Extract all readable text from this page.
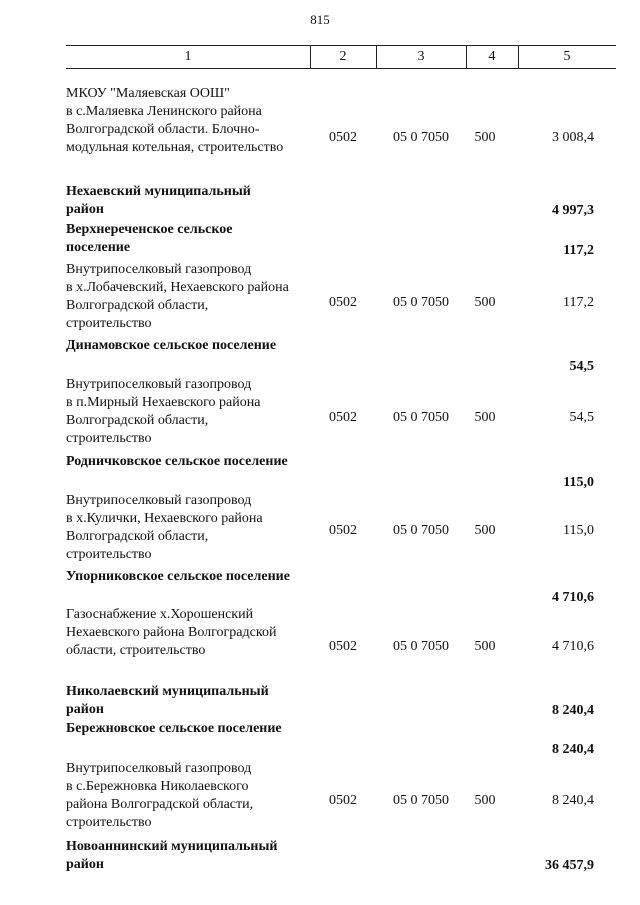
815
1	2	3	4	5
МКОУ "Маляевская ООШ"
в с.Маляевка Ленинского района
Волгоградской области. Блочно-
модульная котельная, строительство
0502	05 0 7050	500	3 008,4
Нехаевский муниципальный
район	4 997,3
Верхнереченское сельское
поселение	117,2
Внутрипоселковый газопровод
в х.Лобачевский, Нехаевского района
Волгоградской области,
строительство
0502	05 0 7050	500	117,2
Динамовское сельское поселение
54,5
Внутрипоселковый газопровод
в п.Мирный Нехаевского района
Волгоградской области,
строительство
0502	05 0 7050	500	54,5
Родничковское сельское поселение
115,0
Внутрипоселковый газопровод
в х.Кулички, Нехаевского района
Волгоградской области,
строительство
0502	05 0 7050	500	115,0
Упорниковское сельское поселение
4 710,6
Газоснабжение х.Хорошенский
Нехаевского района Волгоградской
области, строительство	0502	05 0 7050	500	4 710,6
Николаевский муниципальный
район	8 240,4
Бережновское сельское поселение
8 240,4
Внутрипоселковый газопровод
в с.Бережновка Николаевского
района Волгоградской области,
строительство
0502	05 0 7050	500	8 240,4
Новоаннинский муниципальный
район	36 457,9
